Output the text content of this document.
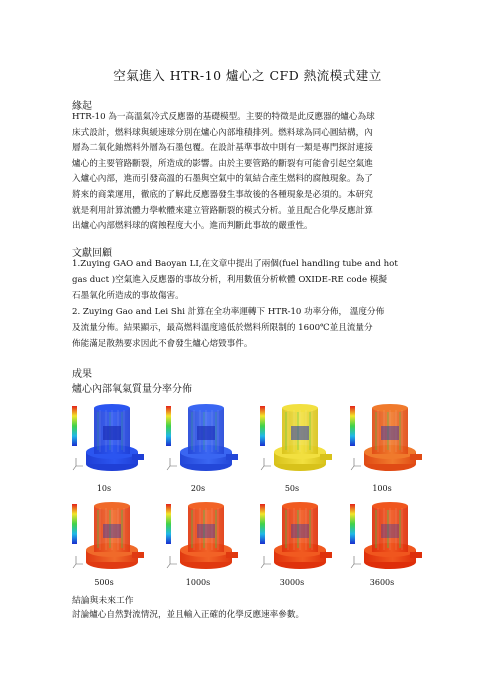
空氣進入 HTR-10 爐心之 CFD 熱流模式建立
緣起
HTR-10 為一高溫氣冷式反應器的基礎模型。主要的特徵是此反應器的爐心為球
床式設計，燃料球與緩速球分別在爐心內部堆積排列。燃料球為同心圓結構，內
層為二氧化鈾燃料外層為石墨包覆。在設計基準事故中則有一類是專門探討連接
爐心的主要管路斷裂，所造成的影響。由於主要管路的斷裂有可能會引起空氣進
入爐心內部，進而引發高溫的石墨與空氣中的氧結合產生燃料的腐蝕現象。為了
將來的商業運用，徹底的了解此反應器發生事故後的各種現象是必須的。本研究
就是利用計算流體力學軟體來建立管路斷裂的模式分析。並且配合化學反應計算
出爐心內部燃料球的腐蝕程度大小。進而判斷此事故的嚴重性。
文獻回顧
1.Zuying GAO and Baoyan LI,在文章中提出了兩個(fuel handling tube and hot
gas duct )空氣進入反應器的事故分析，利用數值分析軟體 OXIDE-RE code 模擬
石墨氧化所造成的事故傷害。
2. Zuying Gao and Lei Shi 計算在全功率運轉下 HTR-10 功率分佈， 溫度分佈
及流量分佈。結果顯示，最高燃料溫度遠低於燃料所限制的 1600℃並且流量分
佈能滿足散熱要求因此不會發生爐心熔毀事件。
成果
爐心內部氧氣質量分率分佈
10s	20s	50s	100s
500s	1000s	3000s	3600s
結論與未來工作
討論爐心自然對流情況，並且輸入正確的化學反應速率參數。
